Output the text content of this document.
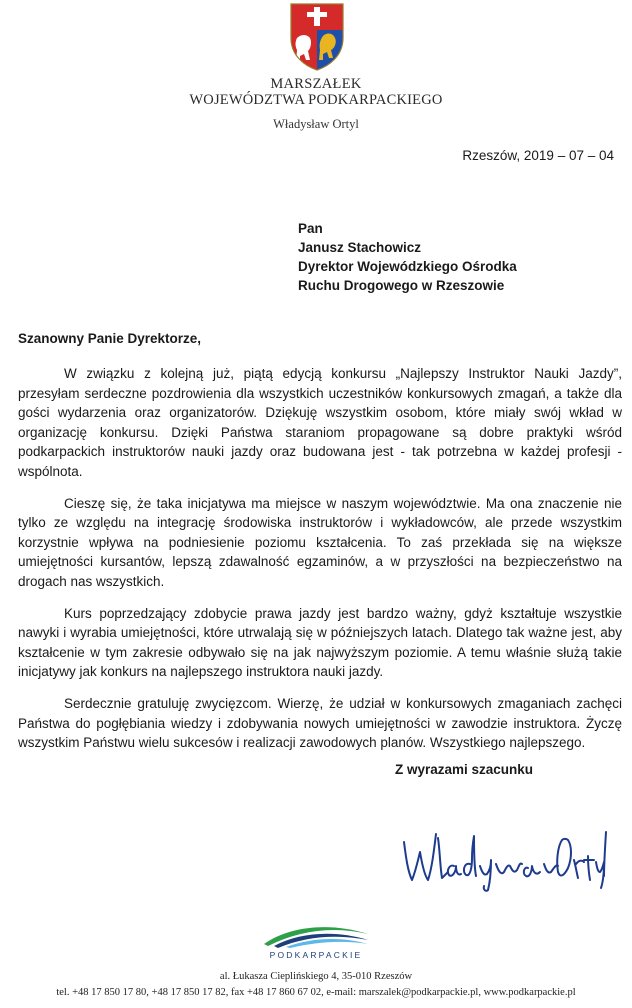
MARSZAŁEK
WOJEWÓDZTWA PODKARPACKIEGO
Władysław Ortyl
Rzeszów, 2019 – 07 – 04
Pan
Janusz Stachowicz
Dyrektor Wojewódzkiego Ośrodka
Ruchu Drogowego w Rzeszowie
Szanowny Panie Dyrektorze,

W związku z kolejną już, piątą edycją konkursu „Najlepszy Instruktor Nauki Jazdy”, przesyłam serdeczne pozdrowienia dla wszystkich uczestników konkursowych zmagań, a także dla gości wydarzenia oraz organizatorów. Dziękuję wszystkim osobom, które miały swój wkład w organizację konkursu. Dzięki Państwa staraniom propagowane są dobre praktyki wśród podkarpackich instruktorów nauki jazdy oraz budowana jest - tak potrzebna w każdej profesji - wspólnota.

Cieszę się, że taka inicjatywa ma miejsce w naszym województwie. Ma ona znaczenie nie tylko ze względu na integrację środowiska instruktorów i wykładowców, ale przede wszystkim korzystnie wpływa na podniesienie poziomu kształcenia. To zaś przekłada się na większe umiejętności kursantów, lepszą zdawalność egzaminów, a w przyszłości na bezpieczeństwo na drogach nas wszystkich.

Kurs poprzedzający zdobycie prawa jazdy jest bardzo ważny, gdyż kształtuje wszystkie nawyki i wyrabia umiejętności, które utrwalają się w późniejszych latach. Dlatego tak ważne jest, aby kształcenie w tym zakresie odbywało się na jak najwyższym poziomie. A temu właśnie służą takie inicjatywy jak konkurs na najlepszego instruktora nauki jazdy.

Serdecznie gratuluję zwycięzcom. Wierzę, że udział w konkursowych zmaganiach zachęci Państwa do pogłębiania wiedzy i zdobywania nowych umiejętności w zawodzie instruktora. Życzę wszystkim Państwu wielu sukcesów i realizacji zawodowych planów. Wszystkiego najlepszego.

Z wyrazami szacunku
PODKARPACKIE
al. Łukasza Cieplińskiego 4, 35-010 Rzeszów
tel. +48 17 850 17 80, +48 17 850 17 82, fax +48 17 860 67 02, e-mail: marszalek@podkarpackie.pl, www.podkarpackie.pl
